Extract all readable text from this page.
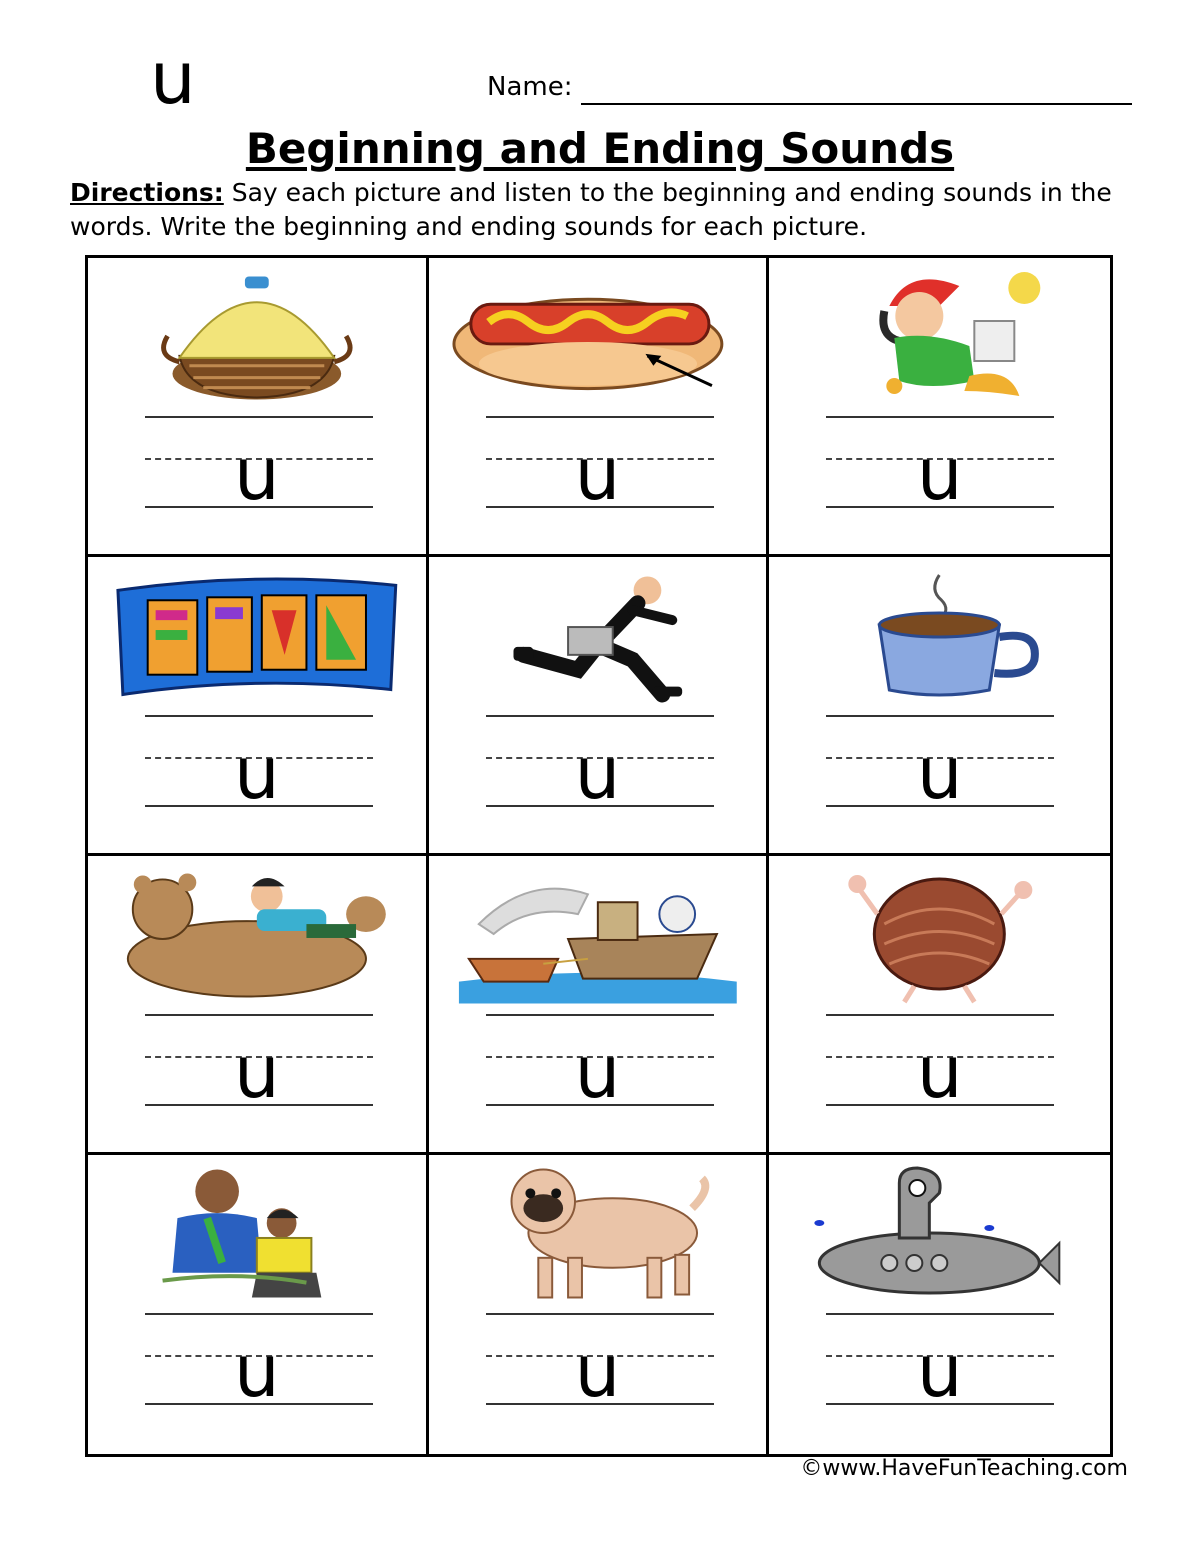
u	Name:
Beginning and Ending Sounds
Directions: Say each picture and listen to the beginning and ending sounds in the words. Write the beginning and ending sounds for each picture.
u	u	u
u	u	u
u	u	u
u	u	u
©www.HaveFunTeaching.com
